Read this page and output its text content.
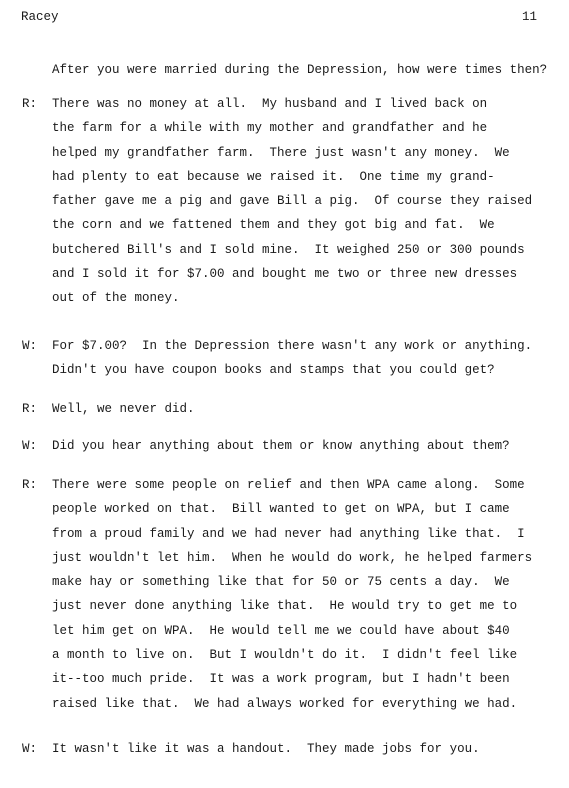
Racey	11
After you were married during the Depression, how were times then?
R: There was no money at all.  My husband and I lived back on
the farm for a while with my mother and grandfather and he
helped my grandfather farm.  There just wasn't any money.  We
had plenty to eat because we raised it.  One time my grand-
father gave me a pig and gave Bill a pig.  Of course they raised
the corn and we fattened them and they got big and fat.  We
butchered Bill's and I sold mine.  It weighed 250 or 300 pounds
and I sold it for $7.00 and bought me two or three new dresses
out of the money.
W: For $7.00?  In the Depression there wasn't any work or anything.
Didn't you have coupon books and stamps that you could get?
R: Well, we never did.
W: Did you hear anything about them or know anything about them?
R: There were some people on relief and then WPA came along.  Some
people worked on that.  Bill wanted to get on WPA, but I came
from a proud family and we had never had anything like that.  I
just wouldn't let him.  When he would do work, he helped farmers
make hay or something like that for 50 or 75 cents a day.  We
just never done anything like that.  He would try to get me to
let him get on WPA.  He would tell me we could have about $40
a month to live on.  But I wouldn't do it.  I didn't feel like
it--too much pride.  It was a work program, but I hadn't been
raised like that.  We had always worked for everything we had.
W: It wasn't like it was a handout.  They made jobs for you.
